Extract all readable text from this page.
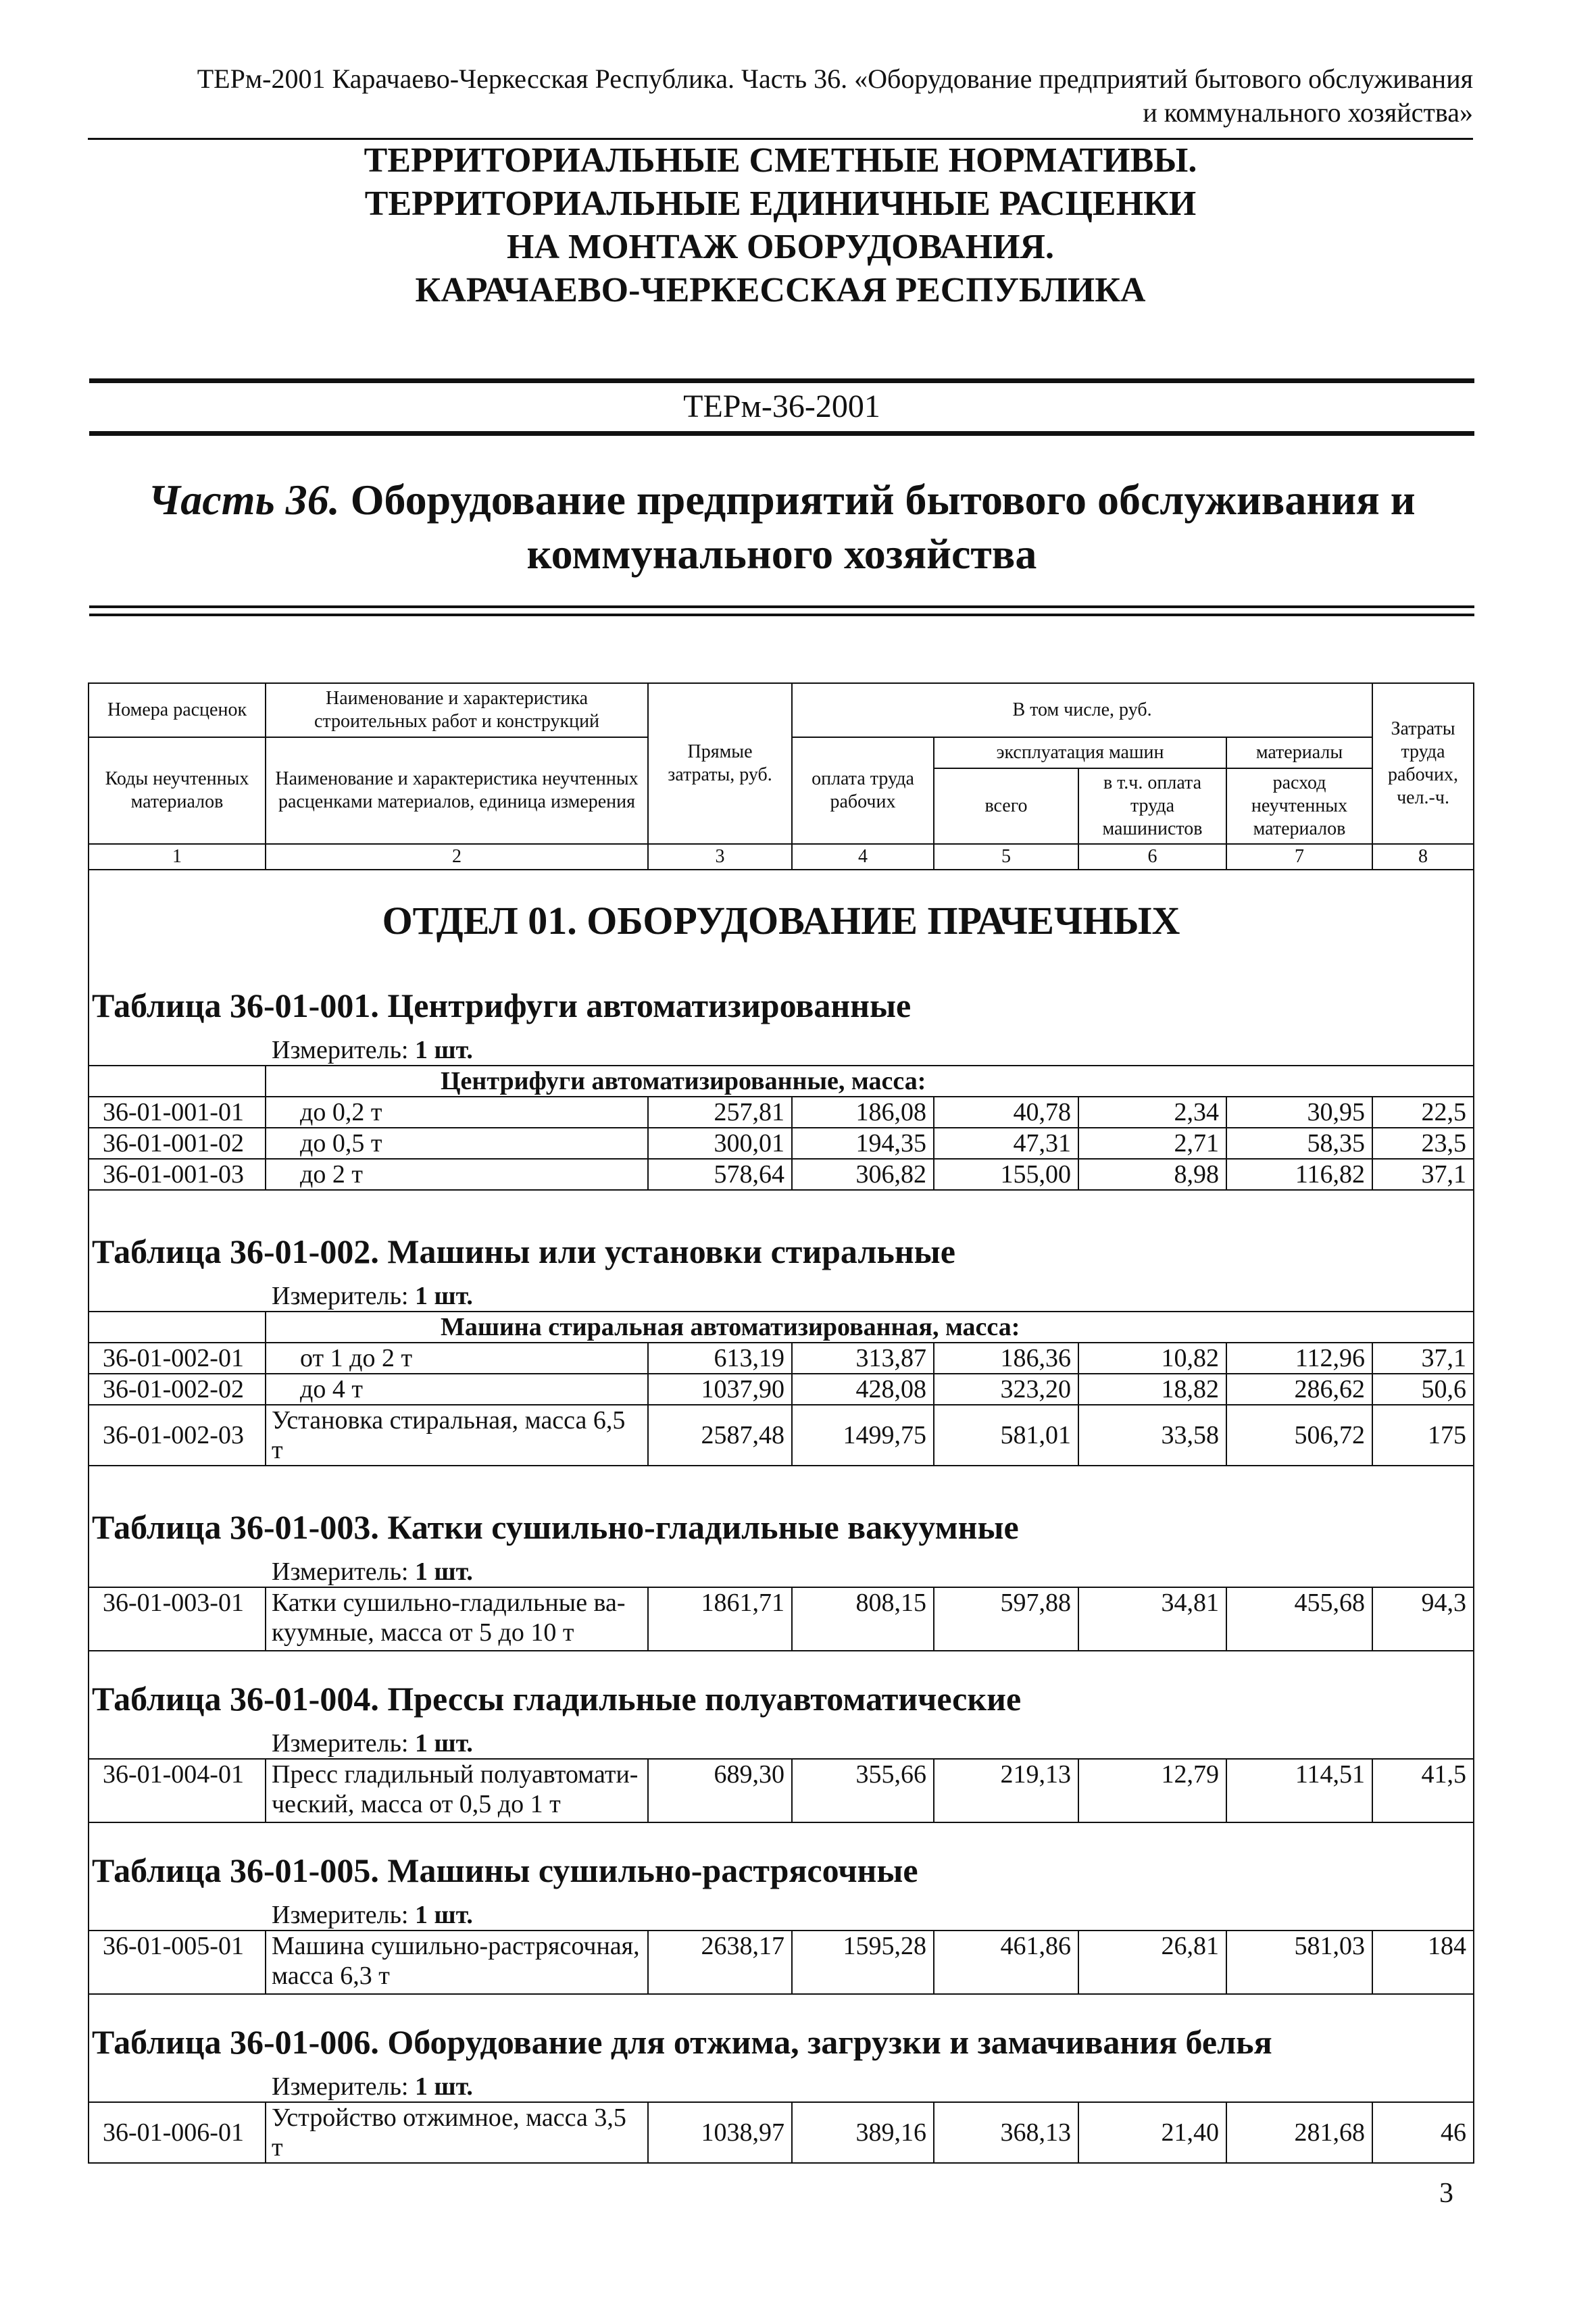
ТЕРм-2001 Карачаево-Черкесская Республика. Часть 36. «Оборудование предприятий бытового обслуживания
и коммунального хозяйства»
ТЕРРИТОРИАЛЬНЫЕ СМЕТНЫЕ НОРМАТИВЫ.
ТЕРРИТОРИАЛЬНЫЕ ЕДИНИЧНЫЕ РАСЦЕНКИ
НА МОНТАЖ ОБОРУДОВАНИЯ.
КАРАЧАЕВО-ЧЕРКЕССКАЯ РЕСПУБЛИКА
ТЕРм-36-2001
Часть 36. Оборудование предприятий бытового обслуживания и
коммунального хозяйства
Номера расценок	Наименование и характеристика строительных работ и конструкций	Прямые затраты, руб.	В том числе, руб.				Затраты труда рабочих, чел.-ч.
Коды неучтенных материалов	Наименование и характеристика неучтенных расценками материалов, единица измерения		оплата труда рабочих	эксплуатация машин		материалы	
				всего	в т.ч. оплата труда машинистов	расход неучтенных материалов	

1	2	3	4	5	6	7	8
ОТДЕЛ 01. ОБОРУДОВАНИЕ ПРАЧЕЧНЫХ							
Таблица 36-01-001. Центрифуги автоматизированные							
Измеритель: 1 шт.							
	Центрифуги автоматизированные, масса:						
36-01-001-01	до 0,2 т	257,81	186,08	40,78	2,34	30,95	22,5
36-01-001-02	до 0,5 т	300,01	194,35	47,31	2,71	58,35	23,5
36-01-001-03	до 2 т	578,64	306,82	155,00	8,98	116,82	37,1
Таблица 36-01-002. Машины или установки стиральные							
Измеритель: 1 шт.							
	Машина стиральная автоматизированная, масса:						
36-01-002-01	от 1 до 2 т	613,19	313,87	186,36	10,82	112,96	37,1
36-01-002-02	до 4 т	1037,90	428,08	323,20	18,82	286,62	50,6
36-01-002-03	Установка стиральная, масса 6,5 т	2587,48	1499,75	581,01	33,58	506,72	175
Таблица 36-01-003. Катки сушильно-гладильные вакуумные							
Измеритель: 1 шт.							
36-01-003-01	Катки сушильно-гладильные ва-
куумные, масса от 5 до 10 т	1861,71	808,15	597,88	34,81	455,68	94,3
Таблица 36-01-004. Прессы гладильные полуавтоматические							
Измеритель: 1 шт.							
36-01-004-01	Пресс гладильный полуавтомати-
ческий, масса от 0,5 до 1 т	689,30	355,66	219,13	12,79	114,51	41,5
Таблица 36-01-005. Машины сушильно-растрясочные							
Измеритель: 1 шт.							
36-01-005-01	Машина сушильно-растрясочная,
масса 6,3 т	2638,17	1595,28	461,86	26,81	581,03	184
Таблица 36-01-006. Оборудование для отжима, загрузки и замачивания белья							
Измеритель: 1 шт.							
36-01-006-01	Устройство отжимное, масса 3,5 т	1038,97	389,16	368,13	21,40	281,68	46
3
